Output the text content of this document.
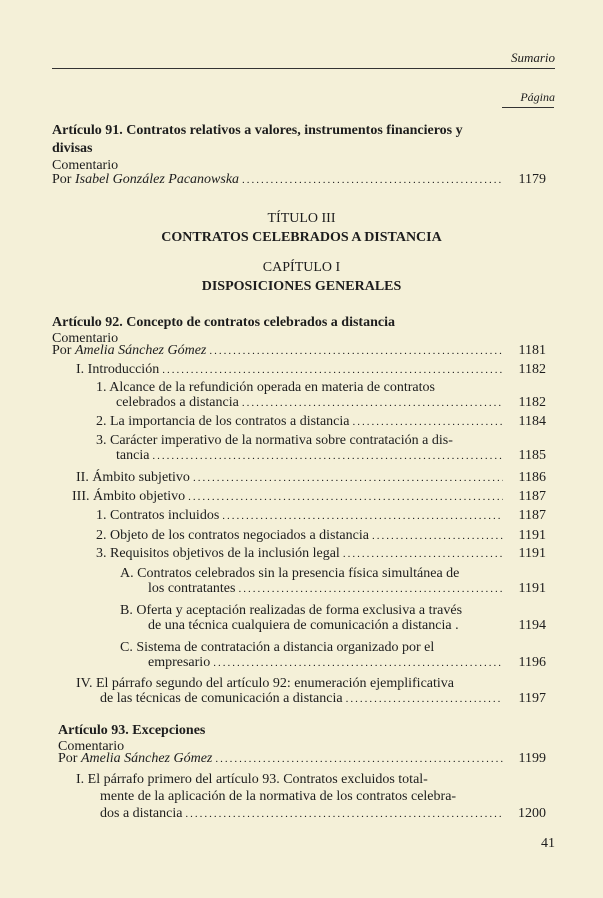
Sumario
Página
Artículo 91. Contratos relativos a valores, instrumentos financieros y
divisas
Comentario
Por Isabel González Pacanowska .....	1179
TÍTULO III
CONTRATOS CELEBRADOS A DISTANCIA
CAPÍTULO I
DISPOSICIONES GENERALES
Artículo 92. Concepto de contratos celebrados a distancia
Comentario
Por Amelia Sánchez Gómez .....	1181
I. Introducción .....	1182
1. Alcance de la refundición operada en materia de contratos
celebrados a distancia .....	1182
2. La importancia de los contratos a distancia .....	1184
3. Carácter imperativo de la normativa sobre contratación a dis-
tancia .....	1185
II. Ámbito subjetivo .....	1186
III. Ámbito objetivo .....	1187
1. Contratos incluidos .....	1187
2. Objeto de los contratos negociados a distancia .....	1191
3. Requisitos objetivos de la inclusión legal .....	1191
A. Contratos celebrados sin la presencia física simultánea de
los contratantes .....	1191
B. Oferta y aceptación realizadas de forma exclusiva a través
de una técnica cualquiera de comunicación a distancia .	1194
C. Sistema de contratación a distancia organizado por el
empresario .....	1196
IV. El párrafo segundo del artículo 92: enumeración ejemplificativa
de las técnicas de comunicación a distancia .....	1197
Artículo 93. Excepciones
Comentario
Por Amelia Sánchez Gómez .....	1199
I. El párrafo primero del artículo 93. Contratos excluidos total-
mente de la aplicación de la normativa de los contratos celebra-
dos a distancia .....	1200
41
